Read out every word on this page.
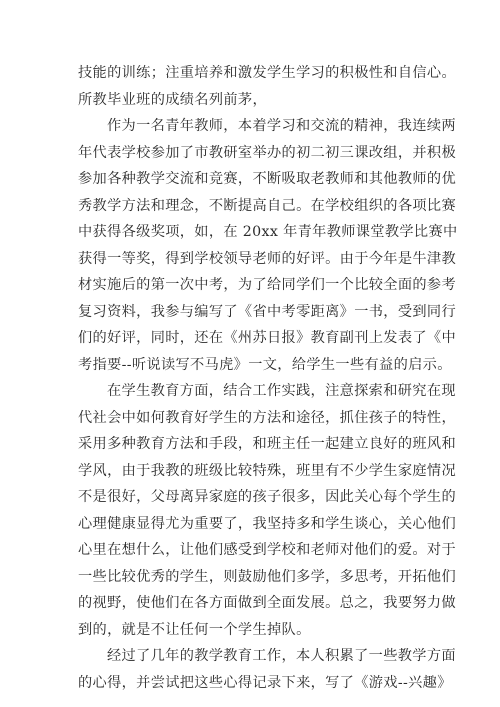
技能的训练；注重培养和激发学生学习的积极性和自信心。
所教毕业班的成绩名列前茅，
作为一名青年教师，本着学习和交流的精神，我连续两
年代表学校参加了市教研室举办的初二初三课改组，并积极
参加各种教学交流和竞赛，不断吸取老教师和其他教师的优
秀教学方法和理念，不断提高自己。在学校组织的各项比赛
中获得各级奖项，如，在 20xx 年青年教师课堂教学比赛中
获得一等奖，得到学校领导老师的好评。由于今年是牛津教
材实施后的第一次中考，为了给同学们一个比较全面的参考
复习资料，我参与编写了《省中考零距离》一书，受到同行
们的好评，同时，还在《州苏日报》教育副刊上发表了《中
考指要--听说读写不马虎》一文，给学生一些有益的启示。
在学生教育方面，结合工作实践，注意探索和研究在现
代社会中如何教育好学生的方法和途径，抓住孩子的特性，
采用多种教育方法和手段，和班主任一起建立良好的班风和
学风，由于我教的班级比较特殊，班里有不少学生家庭情况
不是很好，父母离异家庭的孩子很多，因此关心每个学生的
心理健康显得尤为重要了，我坚持多和学生谈心，关心他们
心里在想什么，让他们感受到学校和老师对他们的爱。对于
一些比较优秀的学生，则鼓励他们多学，多思考，开拓他们
的视野，使他们在各方面做到全面发展。总之，我要努力做
到的，就是不让任何一个学生掉队。
经过了几年的教学教育工作，本人积累了一些教学方面
的心得，并尝试把这些心得记录下来，写了《游戏--兴趣》
